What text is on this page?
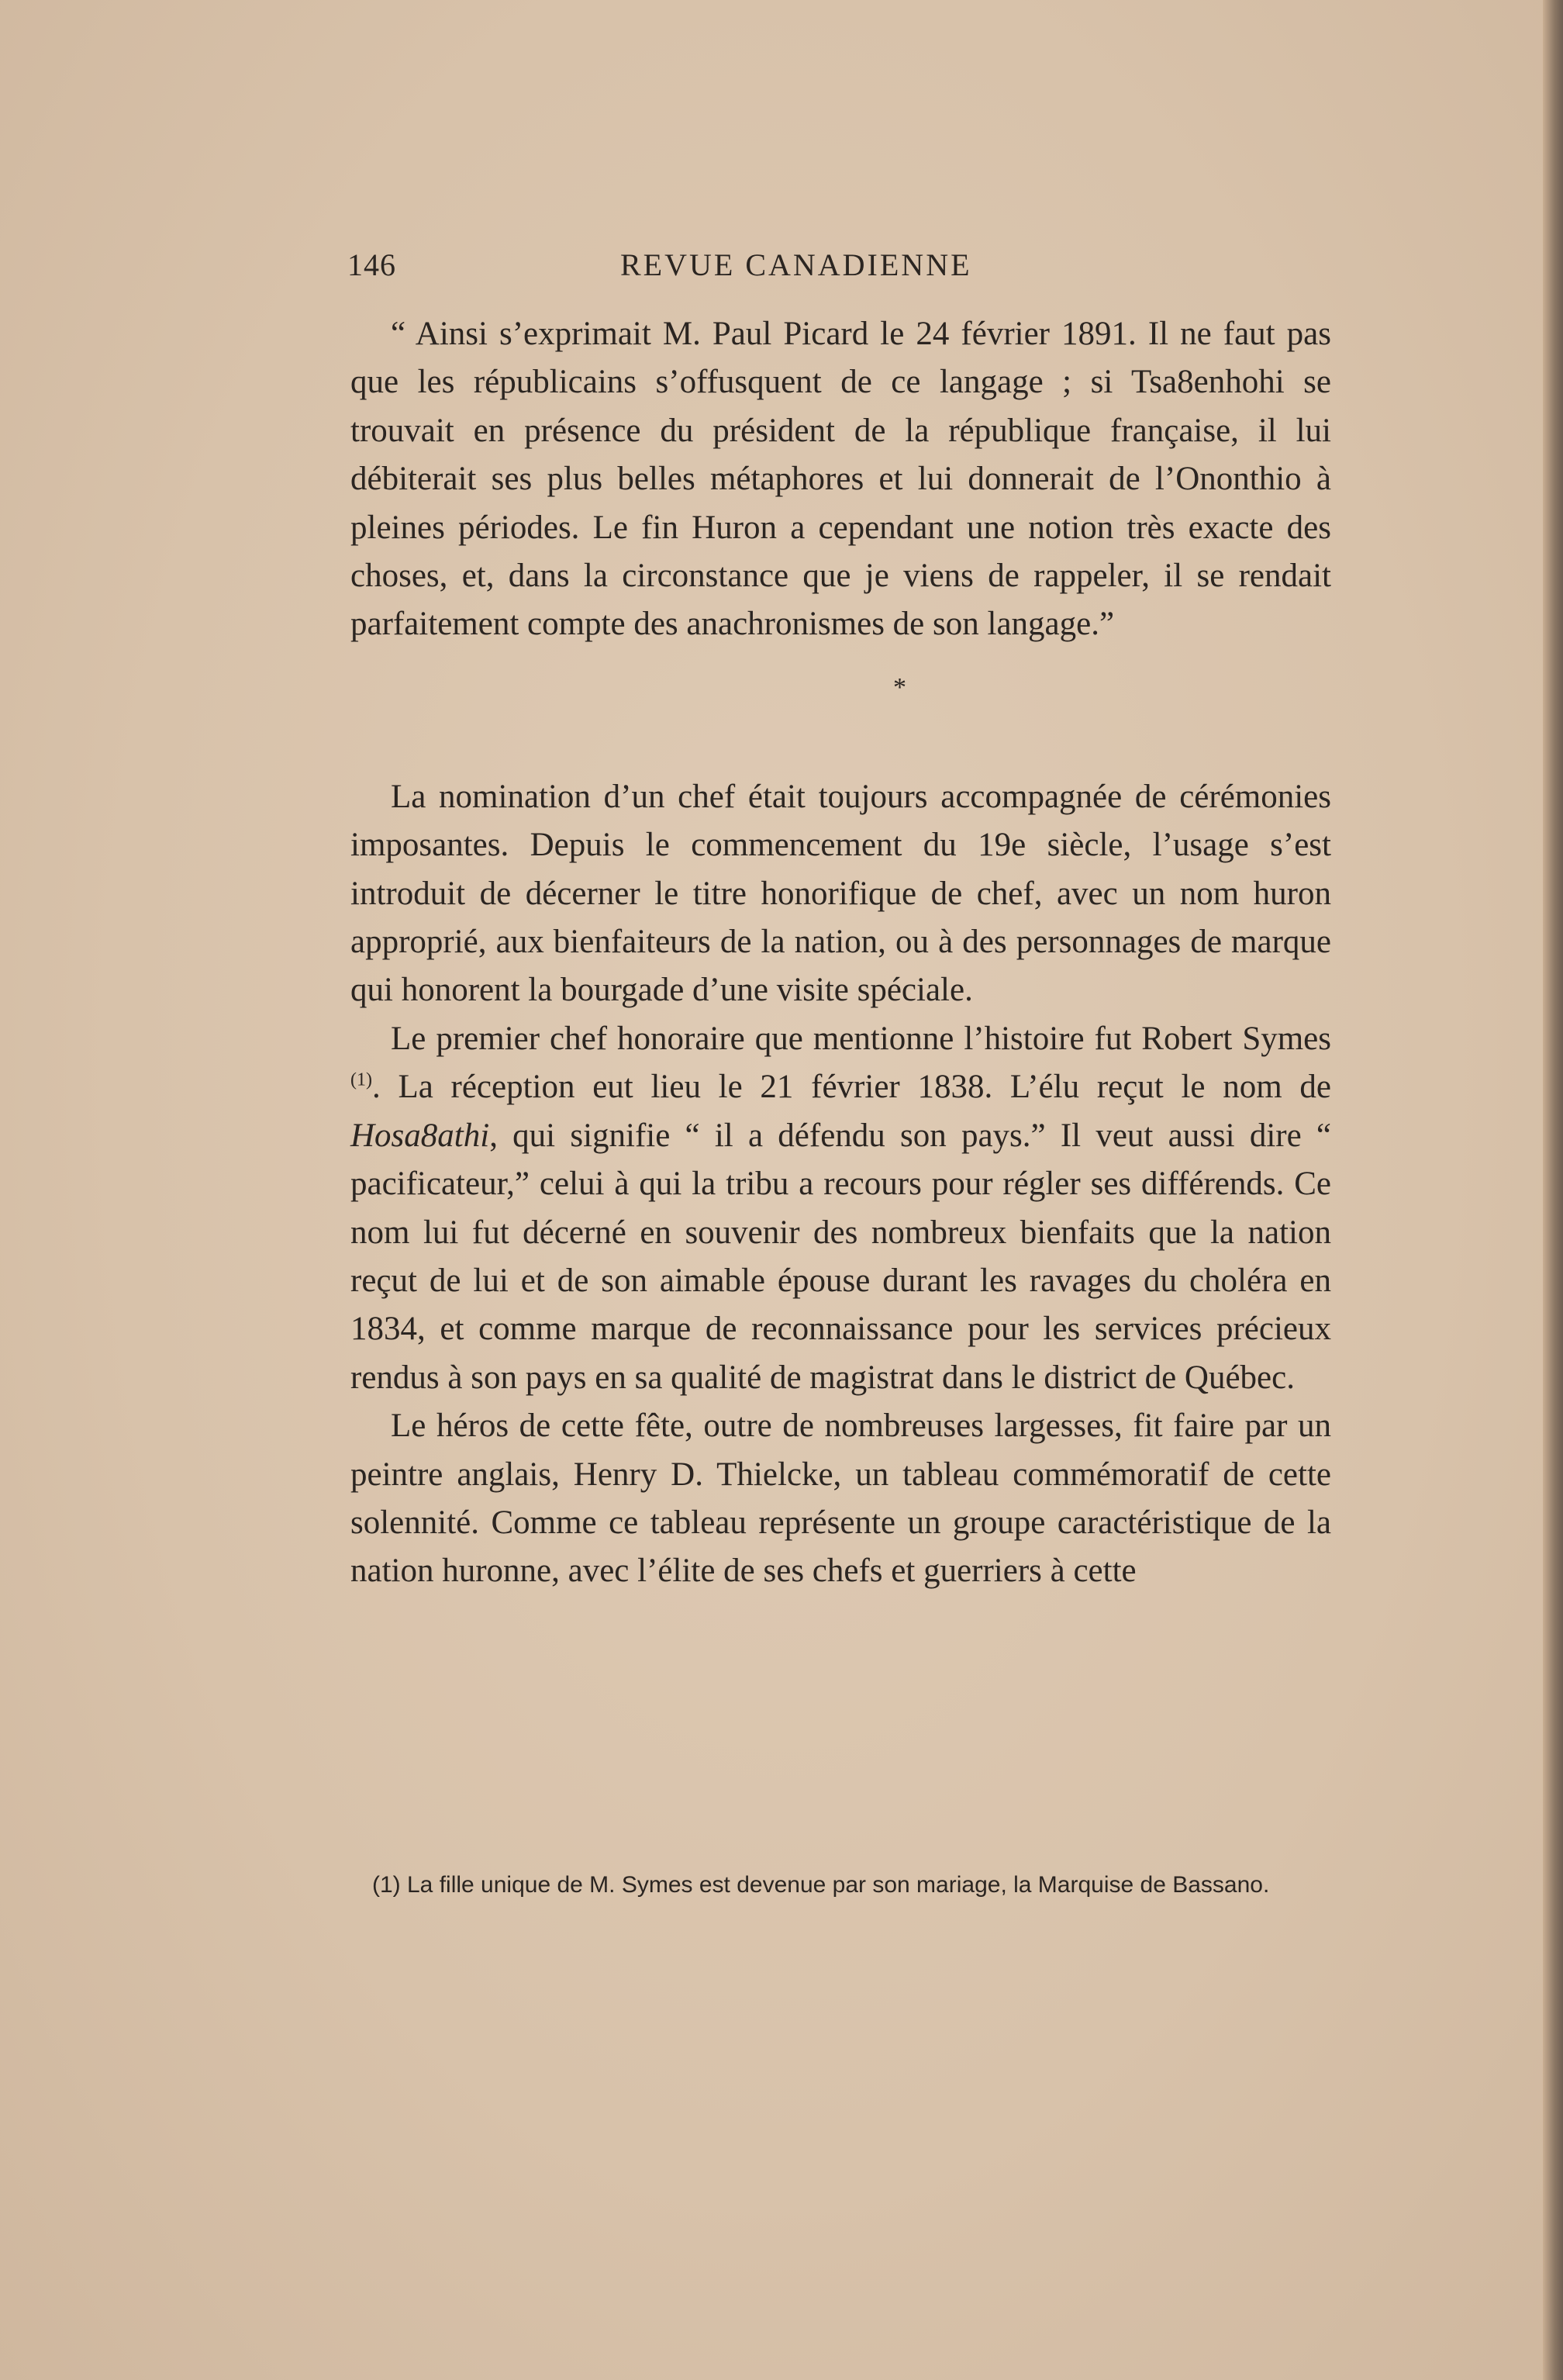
146	REVUE CANADIENNE

“ Ainsi s’exprimait M. Paul Picard le 24 février 1891. Il ne faut pas que les républicains s’offusquent de ce langage ; si Tsa8enhohi se trouvait en présence du président de la république française, il lui débiterait ses plus belles métaphores et lui donnerait de l’Ononthio à pleines périodes. Le fin Huron a cependant une notion très exacte des choses, et, dans la circonstance que je viens de rappeler, il se rendait parfaitement compte des anachronismes de son langage.”

*

La nomination d’un chef était toujours accompagnée de cérémonies imposantes. Depuis le commencement du 19e siècle, l’usage s’est introduit de décerner le titre honorifique de chef, avec un nom huron approprié, aux bienfaiteurs de la nation, ou à des personnages de marque qui honorent la bourgade d’une visite spéciale.

Le premier chef honoraire que mentionne l’histoire fut Robert Symes $^{(1)}$. La réception eut lieu le 21 février 1838. L’élu reçut le nom de Hosa8athi, qui signifie “ il a défendu son pays.” Il veut aussi dire “ pacificateur,” celui à qui la tribu a recours pour régler ses différends. Ce nom lui fut décerné en souvenir des nombreux bienfaits que la nation reçut de lui et de son aimable épouse durant les ravages du choléra en 1834, et comme marque de reconnaissance pour les services précieux rendus à son pays en sa qualité de magistrat dans le district de Québec.

Le héros de cette fête, outre de nombreuses largesses, fit faire par un peintre anglais, Henry D. Thielcke, un tableau commémoratif de cette solennité. Comme ce tableau représente un groupe caractéristique de la nation huronne, avec l’élite de ses chefs et guerriers à cette

(1) La fille unique de M. Symes est devenue par son mariage, la Marquise de Bassano.
